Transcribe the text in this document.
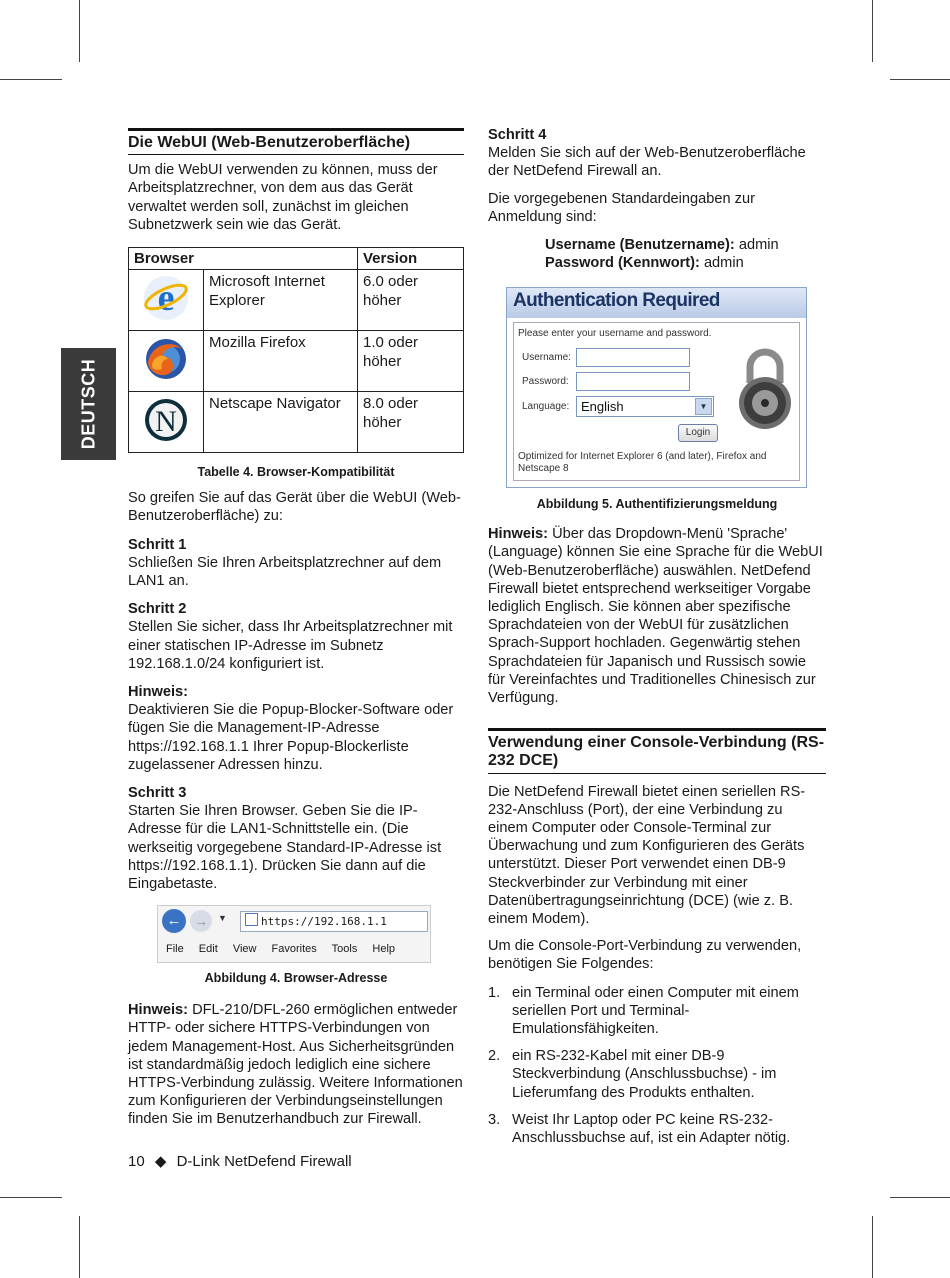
DEUTSCH
Die WebUI (Web-Benutzeroberfläche)

Um die WebUI verwenden zu können, muss der Arbeitsplatzrechner, von dem aus das Gerät verwaltet werden soll, zunächst im gleichen Subnetzwerk sein wie das Gerät.

Browser		Version

e	Microsoft Internet Explorer	6.0 oder höher
	Mozilla Firefox	1.0 oder höher

N	Netscape Navigator	8.0 oder höher

Tabelle 4. Browser-Kompatibilität

So greifen Sie auf das Gerät über die WebUI (Web-Benutzeroberfläche) zu:

Schritt 1

Schließen Sie Ihren Arbeitsplatzrechner auf dem LAN1 an.

Schritt 2

Stellen Sie sicher, dass Ihr Arbeitsplatzrechner mit einer statischen IP-Adresse im Subnetz 192.168.1.0/24 konfiguriert ist.

Hinweis:

Deaktivieren Sie die Popup-Blocker-Software oder fügen Sie die Management-IP-Adresse https://192.168.1.1 Ihrer Popup-Blockerliste zugelassener Adressen hinzu.

Schritt 3

Starten Sie Ihren Browser. Geben Sie die IP-Adresse für die LAN1-Schnittstelle ein. (Die werkseitig vorgegebene Standard-IP-Adresse ist https://192.168.1.1). Drücken Sie dann auf die Eingabetaste.

← →	▼	https://192.168.1.1
File Edit View Favorites Tools Help

Abbildung 4. Browser-Adresse

Hinweis: DFL-210/DFL-260 ermöglichen entweder HTTP- oder sichere HTTPS-Verbindungen von jedem Management-Host. Aus Sicherheitsgründen ist standardmäßig jedoch lediglich eine sichere HTTPS-Verbindung zulässig. Weitere Informationen zum Konfigurieren der Verbindungseinstellungen finden Sie im Benutzerhandbuch zur Firewall.

10 ◆ D-Link NetDefend Firewall

Schritt 4

Melden Sie sich auf der Web-Benutzeroberfläche der NetDefend Firewall an.

Die vorgegebenen Standardeingaben zur Anmeldung sind:

Username (Benutzername): admin

Password (Kennwort): admin

Authentication Required
Please enter your username and password.
Username:
Password:
Language: English	▼
Login
Optimized for Internet Explorer 6 (and later), Firefox and Netscape 8

Abbildung 5. Authentifizierungsmeldung

Hinweis: Über das Dropdown-Menü 'Sprache' (Language) können Sie eine Sprache für die WebUI (Web-Benutzeroberfläche) auswählen. NetDefend Firewall bietet entsprechend werkseitiger Vorgabe lediglich Englisch. Sie können aber spezifische Sprachdateien von der WebUI für zusätzlichen Sprach-Support hochladen. Gegenwärtig stehen Sprachdateien für Japanisch und Russisch sowie für Vereinfachtes und Traditionelles Chinesisch zur Verfügung.

Verwendung einer Console-Verbindung (RS-232 DCE)

Die NetDefend Firewall bietet einen seriellen RS-232-Anschluss (Port), der eine Verbindung zu einem Computer oder Console-Terminal zur Überwachung und zum Konfigurieren des Geräts unterstützt. Dieser Port verwendet einen DB-9 Steckverbinder zur Verbindung mit einer Datenübertragungseinrichtung (DCE) (wie z. B. einem Modem).

Um die Console-Port-Verbindung zu verwenden, benötigen Sie Folgendes:

1. ein Terminal oder einen Computer mit einem seriellen Port und Terminal-Emulationsfähigkeiten.
2. ein RS-232-Kabel mit einer DB-9 Steckverbindung (Anschlussbuchse) - im Lieferumfang des Produkts enthalten.
3. Weist Ihr Laptop oder PC keine RS-232-Anschlussbuchse auf, ist ein Adapter nötig.
